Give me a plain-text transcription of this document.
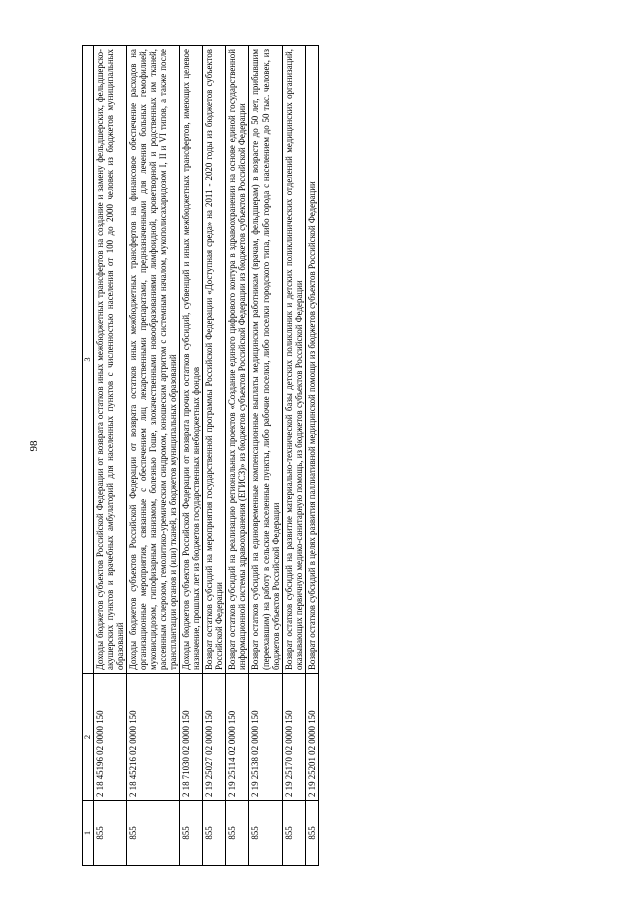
98
1	2	3
855	2 18 45196 02 0000 150	Доходы бюджетов субъектов Российской Федерации от возврата остатков иных межбюджетных трансфертов на создание и замену фельдшерских, фельдшерско-акушерских пунктов и врачебных амбулаторий для населенных пунктов с численностью населения от 100 до 2000 человек из бюджетов муниципальных образований
855	2 18 45216 02 0000 150	Доходы бюджетов субъектов Российской Федерации от возврата остатков иных межбюджетных трансфертов на финансовое обеспечение расходов на организационные мероприятия, связанные с обеспечением лиц лекарственными препаратами, предназначенными для лечения больных гемофилией, муковисцидозом, гипофизарным нанизмом, болезнью Гоше, злокачественными новообразованиями лимфоидной, кроветворной и родственных им тканей, рассеянным склерозом, гемолитико-уремическим синдромом, юношеским артритом с системным началом, мукополисахаридозом I, II и VI типов, а также после трансплантации органов и (или) тканей, из бюджетов муниципальных образований
855	2 18 71030 02 0000 150	Доходы бюджетов субъектов Российской Федерации от возврата прочих остатков субсидий, субвенций и иных межбюджетных трансфертов, имеющих целевое назначение, прошлых лет из бюджетов государственных внебюджетных фондов
855	2 19 25027 02 0000 150	Возврат остатков субсидий на мероприятия государственной программы Российской Федерации «Доступная среда» на 2011 - 2020 годы из бюджетов субъектов Российской Федерации
855	2 19 25114 02 0000 150	Возврат остатков субсидий на реализацию региональных проектов «Создание единого цифрового контура в здравоохранении на основе единой государственной информационной системы здравоохранения (ЕГИСЗ)» из бюджетов субъектов Российской Федерации из бюджетов субъектов Российской Федерации
855	2 19 25138 02 0000 150	Возврат остатков субсидий на единовременные компенсационные выплаты медицинским работникам (врачам, фельдшерам) в возрасте до 50 лет, прибывшим (переехавшим) на работу в сельские населенные пункты, либо рабочие поселки, либо поселки городского типа, либо города с населением до 50 тыс. человек, из бюджетов субъектов Российской Федерации
855	2 19 25170 02 0000 150	Возврат остатков субсидий на развитие материально-технической базы детских поликлиник и детских поликлинических отделений медицинских организаций, оказывающих первичную медико-санитарную помощь, из бюджетов субъектов Российской Федерации
855	2 19 25201 02 0000 150	Возврат остатков субсидий в целях развития паллиативной медицинской помощи из бюджетов субъектов Российской Федерации
